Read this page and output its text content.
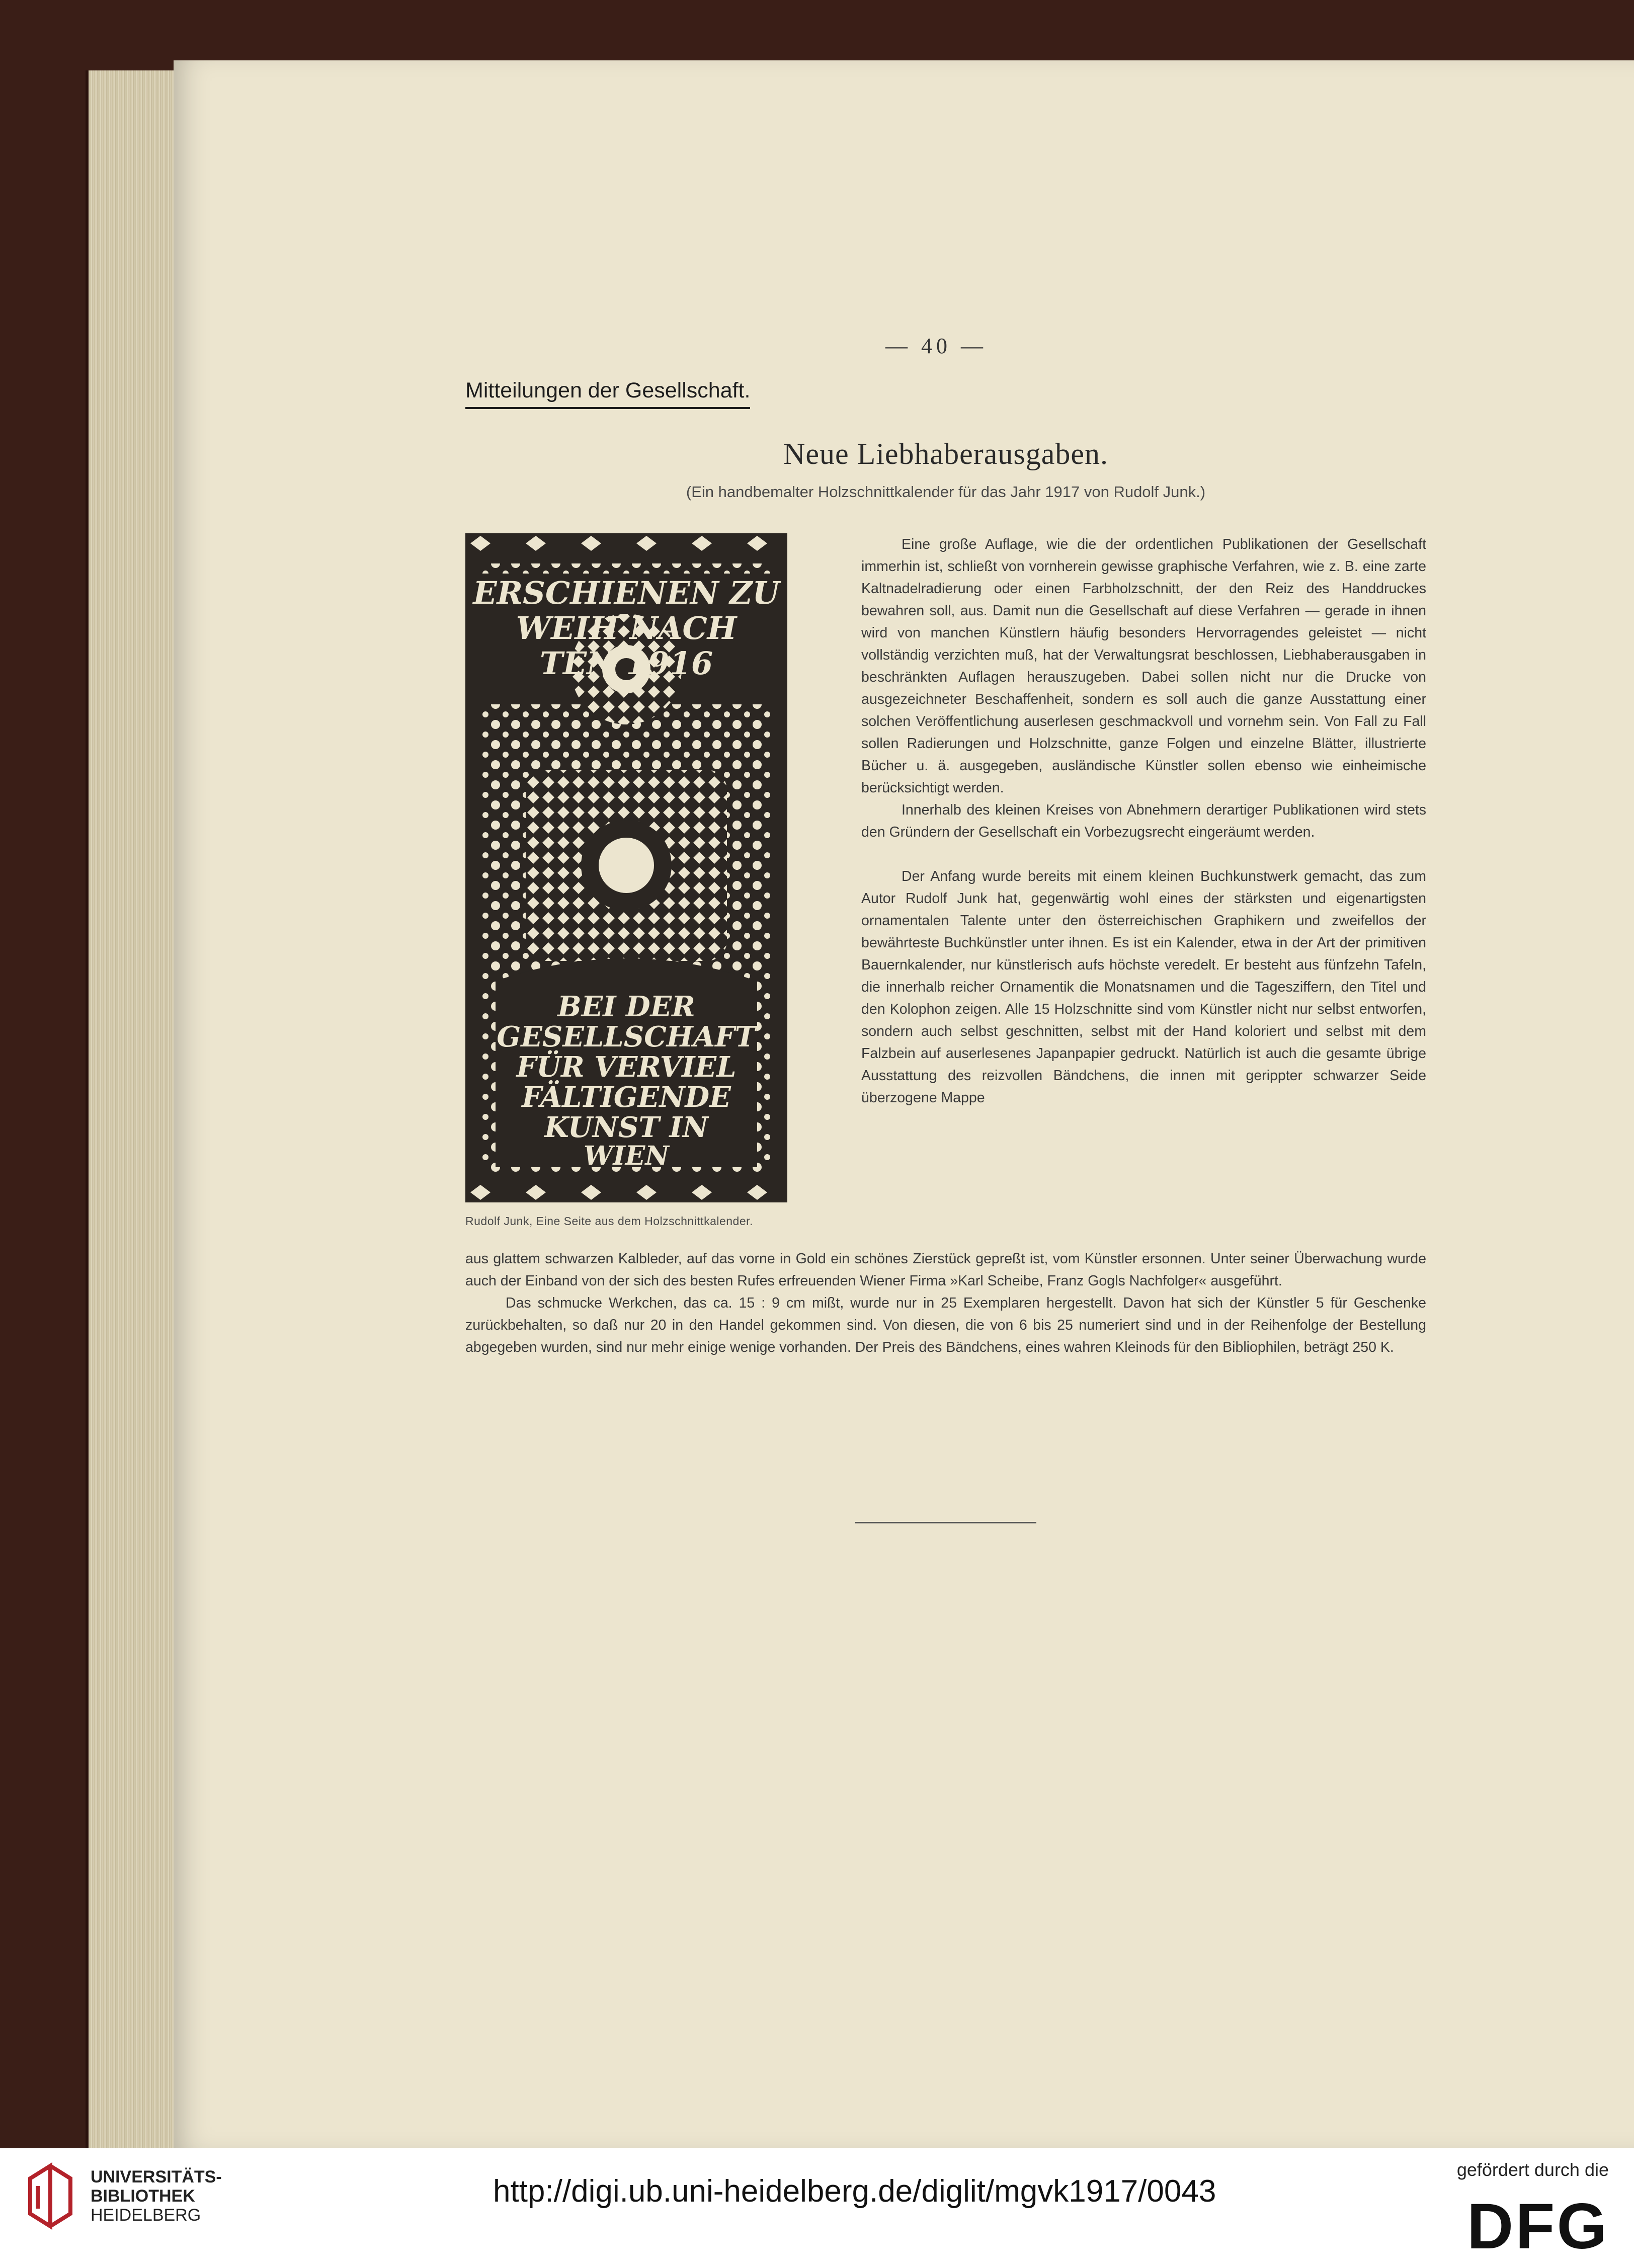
— 40 —
Mitteilungen der Gesellschaft.
Neue Liebhaberausgaben.
(Ein handbemalter Holzschnittkalender für das Jahr 1917 von Rudolf Junk.)
ERSCHIENEN ZU
WEIH NACH
TEN 1916
BEI DER
GESELLSCHAFT
FÜR VERVIEL
FÄLTIGENDE
KUNST IN
WIEN
Rudolf Junk, Eine Seite aus dem Holzschnittkalender.

Eine große Auflage, wie die der ordentlichen Publikationen der Gesellschaft immerhin ist, schließt von vornherein gewisse graphische Verfahren, wie z. B. eine zarte Kaltnadelradierung oder einen Farbholzschnitt, der den Reiz des Handdruckes bewahren soll, aus. Damit nun die Gesellschaft auf diese Verfahren — gerade in ihnen wird von manchen Künstlern häufig besonders Hervorragendes geleistet — nicht vollständig verzichten muß, hat der Verwaltungsrat beschlossen, Liebhaberausgaben in beschränkten Auflagen herauszugeben. Dabei sollen nicht nur die Drucke von ausgezeichneter Beschaffenheit, sondern es soll auch die ganze Ausstattung einer solchen Veröffentlichung auserlesen geschmackvoll und vornehm sein. Von Fall zu Fall sollen Radierungen und Holzschnitte, ganze Folgen und einzelne Blätter, illustrierte Bücher u. ä. ausgegeben, ausländische Künstler sollen ebenso wie einheimische berücksichtigt werden.

Innerhalb des kleinen Kreises von Abnehmern derartiger Publikationen wird stets den Gründern der Gesellschaft ein Vorbezugsrecht eingeräumt werden.

Der Anfang wurde bereits mit einem kleinen Buchkunstwerk gemacht, das zum Autor Rudolf Junk hat, gegenwärtig wohl eines der stärksten und eigenartigsten ornamentalen Talente unter den österreichischen Graphikern und zweifellos der bewährteste Buchkünstler unter ihnen. Es ist ein Kalender, etwa in der Art der primitiven Bauernkalender, nur künstlerisch aufs höchste veredelt. Er besteht aus fünfzehn Tafeln, die innerhalb reicher Ornamentik die Monatsnamen und die Tagesziffern, den Titel und den Kolophon zeigen. Alle 15 Holzschnitte sind vom Künstler nicht nur selbst entworfen, sondern auch selbst geschnitten, selbst mit der Hand koloriert und selbst mit dem Falzbein auf auserlesenes Japanpapier gedruckt. Natürlich ist auch die gesamte übrige Ausstattung des reizvollen Bändchens, die innen mit gerippter schwarzer Seide überzogene Mappe

aus glattem schwarzen Kalbleder, auf das vorne in Gold ein schönes Zierstück gepreßt ist, vom Künstler ersonnen. Unter seiner Überwachung wurde auch der Einband von der sich des besten Rufes erfreuenden Wiener Firma »Karl Scheibe, Franz Gogls Nachfolger« ausgeführt.

Das schmucke Werkchen, das ca. 15 : 9 cm mißt, wurde nur in 25 Exemplaren hergestellt. Davon hat sich der Künstler 5 für Geschenke zurückbehalten, so daß nur 20 in den Handel gekommen sind. Von diesen, die von 6 bis 25 numeriert sind und in der Reihenfolge der Bestellung abgegeben wurden, sind nur mehr einige wenige vorhanden. Der Preis des Bändchens, eines wahren Kleinods für den Bibliophilen, beträgt 250 K.

UNIVERSITÄTS-
BIBLIOTHEK
HEIDELBERG
http://digi.ub.uni-heidelberg.de/diglit/mgvk1917/0043
gefördert durch die
DFG
